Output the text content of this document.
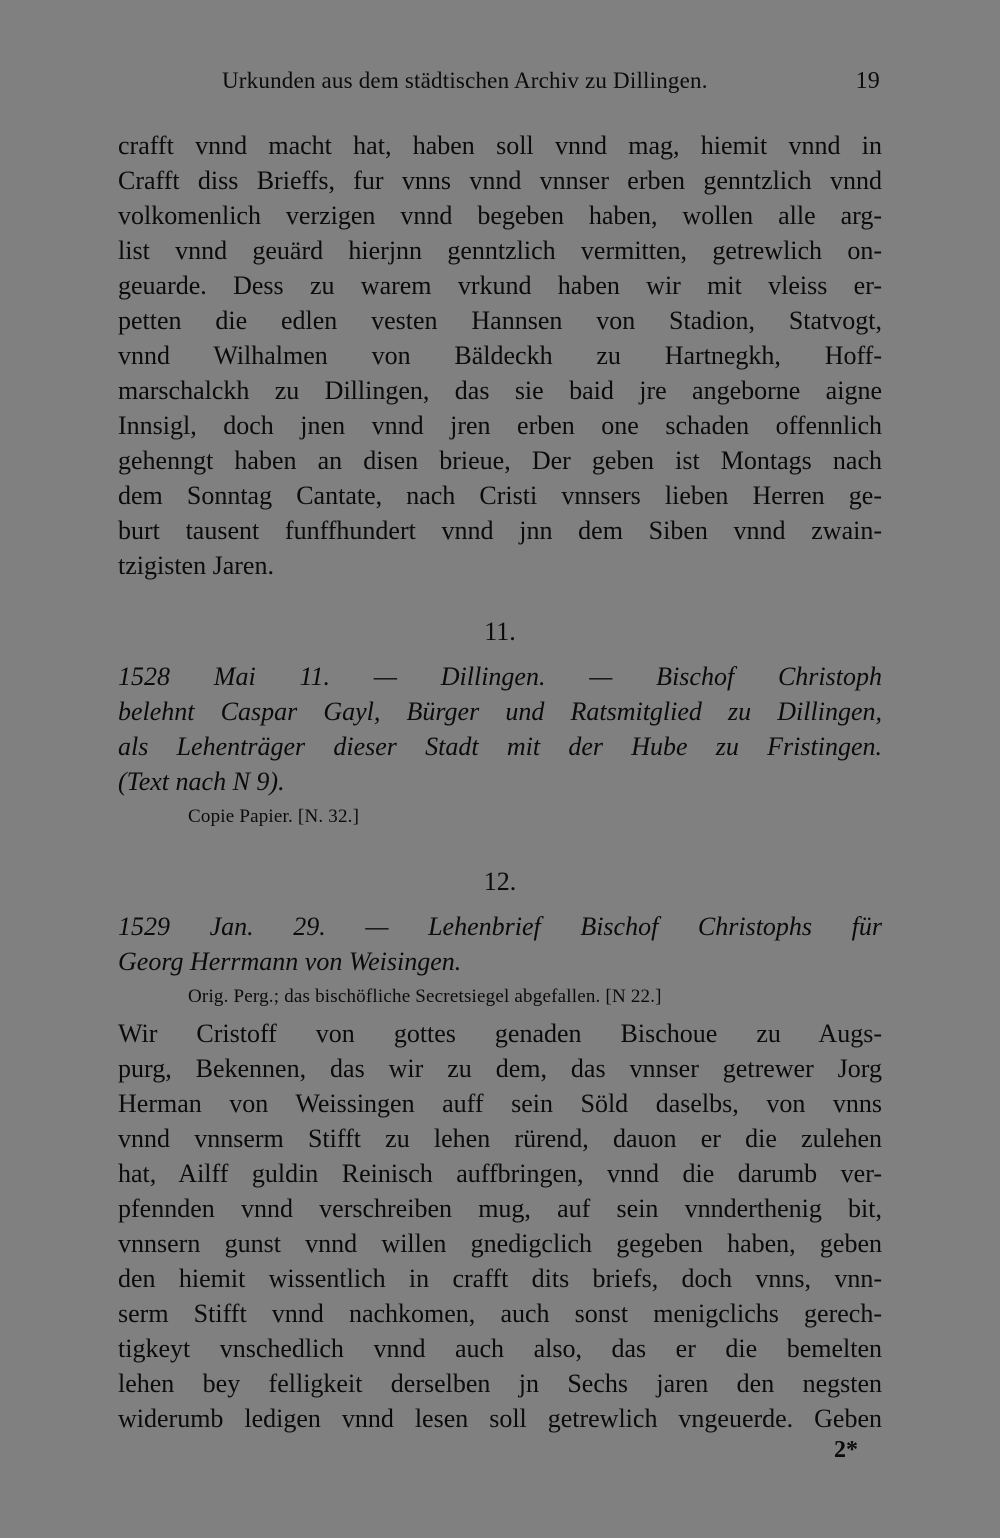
Urkunden aus dem städtischen Archiv zu Dillingen.	19
crafft vnnd macht hat, haben soll vnnd mag, hiemit vnnd in
Crafft diss Brieffs, fur vnns vnnd vnnser erben genntzlich vnnd
volkomenlich verzigen vnnd begeben haben, wollen alle arg-
list vnnd geuärd hierjnn genntzlich vermitten, getrewlich on-
geuarde. Dess zu warem vrkund haben wir mit vleiss er-
petten die edlen vesten Hannsen von Stadion, Statvogt,
vnnd Wilhalmen von Bäldeckh zu Hartnegkh, Hoff-
marschalckh zu Dillingen, das sie baid jre angeborne aigne
Innsigl, doch jnen vnnd jren erben one schaden offennlich
gehenngt haben an disen brieue, Der geben ist Montags nach
dem Sonntag Cantate, nach Cristi vnnsers lieben Herren ge-
burt tausent funffhundert vnnd jnn dem Siben vnnd zwain-
tzigisten Jaren.
11.
1528 Mai 11. — Dillingen. — Bischof Christoph
belehnt Caspar Gayl, Bürger und Ratsmitglied zu Dillingen,
als Lehenträger dieser Stadt mit der Hube zu Fristingen.
(Text nach N 9).
Copie Papier. [N. 32.]
12.
1529 Jan. 29. — Lehenbrief Bischof Christophs für
Georg Herrmann von Weisingen.
Orig. Perg.; das bischöfliche Secretsiegel abgefallen. [N 22.]
Wir Cristoff von gottes genaden Bischoue zu Augs-
purg, Bekennen, das wir zu dem, das vnnser getrewer Jorg
Herman von Weissingen auff sein Söld daselbs, von vnns
vnnd vnnserm Stifft zu lehen rürend, dauon er die zulehen
hat, Ailff guldin Reinisch auffbringen, vnnd die darumb ver-
pfennden vnnd verschreiben mug, auf sein vnnderthenig bit,
vnnsern gunst vnnd willen gnedigclich gegeben haben, geben
den hiemit wissentlich in crafft dits briefs, doch vnns, vnn-
serm Stifft vnnd nachkomen, auch sonst menigclichs gerech-
tigkeyt vnschedlich vnnd auch also, das er die bemelten
lehen bey felligkeit derselben jn Sechs jaren den negsten
widerumb ledigen vnnd lesen soll getrewlich vngeuerde. Geben
2*
